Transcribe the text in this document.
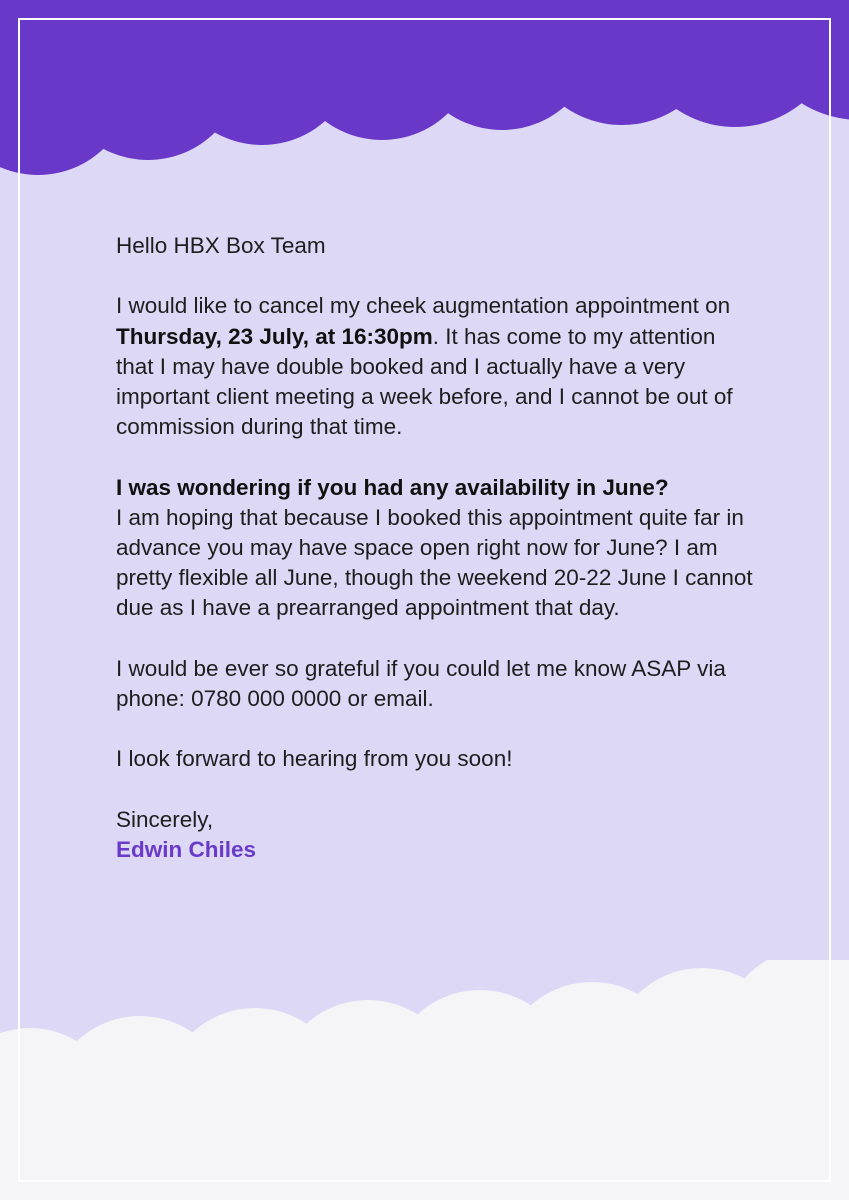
Hello HBX Box Team

I would like to cancel my cheek augmentation appointment on Thursday, 23 July, at 16:30pm. It has come to my attention that I may have double booked and I actually have a very important client meeting a week before, and I cannot be out of commission during that time.

I was wondering if you had any availability in June?

I am hoping that because I booked this appointment quite far in advance you may have space open right now for June? I am pretty flexible all June, though the weekend 20-22 June I cannot due as I have a prearranged appointment that day.

I would be ever so grateful if you could let me know ASAP via phone: 0780 000 0000 or email.

I look forward to hearing from you soon!

Sincerely,

Edwin Chiles
